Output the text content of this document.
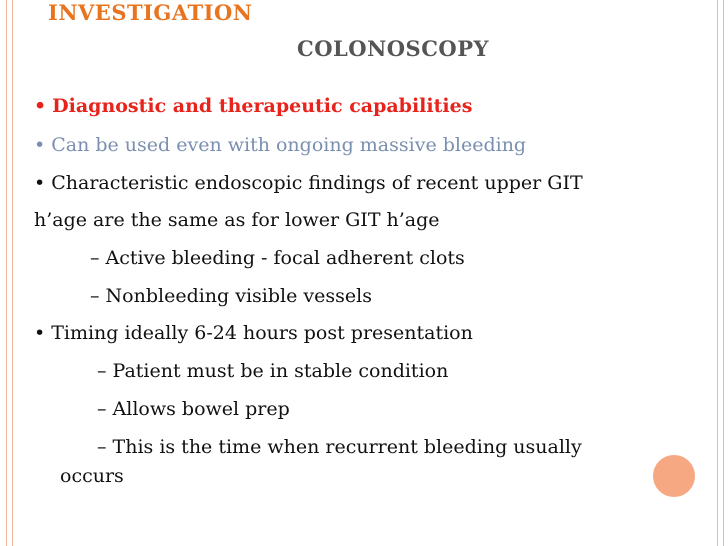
INVESTIGATION
COLONOSCOPY
• Diagnostic and therapeutic capabilities
• Can be used even with ongoing massive bleeding
• Characteristic endoscopic findings of recent upper GIT
h’age are the same as for lower GIT h’age
– Active bleeding - focal adherent clots
– Nonbleeding visible vessels
• Timing ideally 6-24 hours post presentation
– Patient must be in stable condition
– Allows bowel prep
– This is the time when recurrent bleeding usually
occurs
